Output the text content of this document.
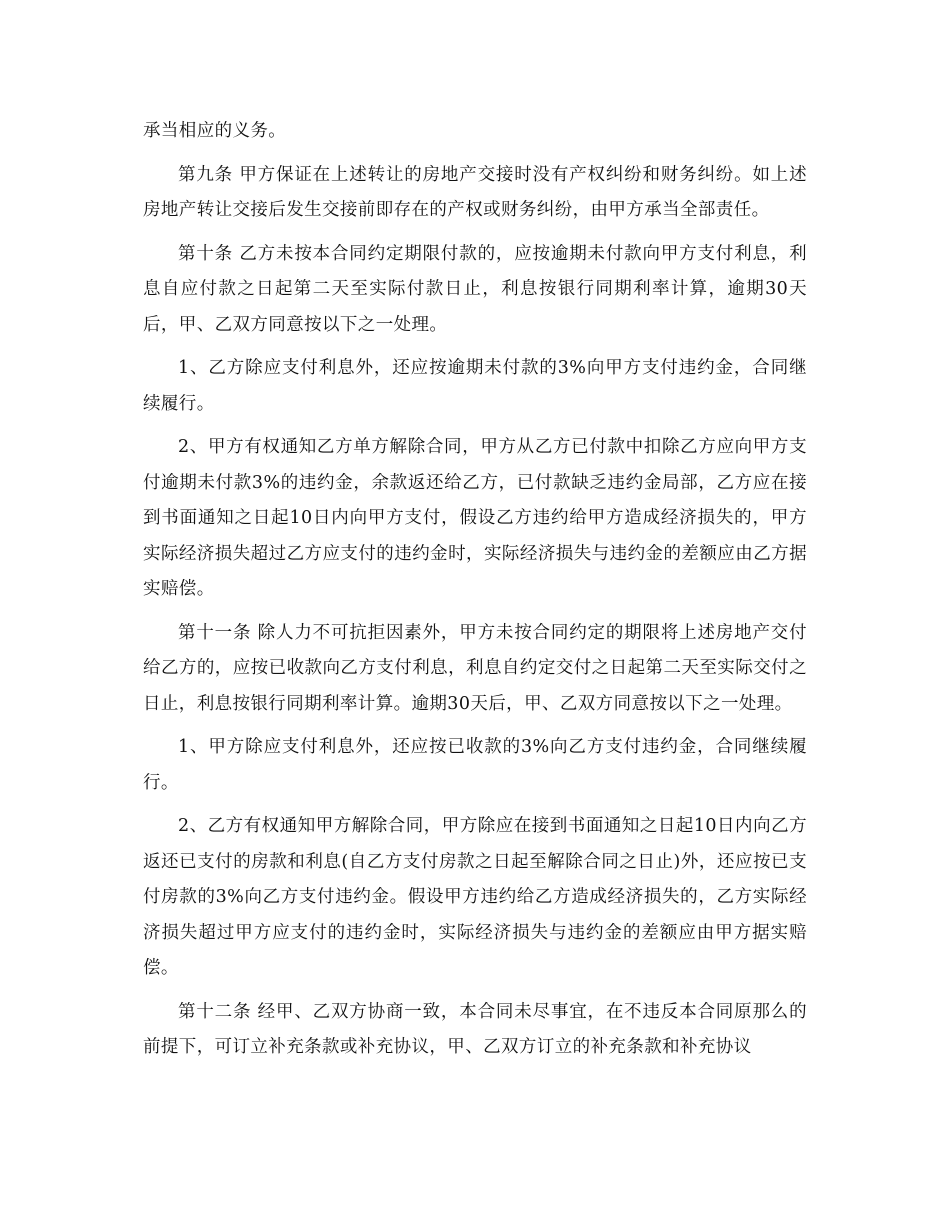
承当相应的义务。

第九条 甲方保证在上述转让的房地产交接时没有产权纠纷和财务纠纷。如上述房地产转让交接后发生交接前即存在的产权或财务纠纷，由甲方承当全部责任。

第十条 乙方未按本合同约定期限付款的，应按逾期未付款向甲方支付利息，利息自应付款之日起第二天至实际付款日止，利息按银行同期利率计算，逾期30天后，甲、乙双方同意按以下之一处理。

1、乙方除应支付利息外，还应按逾期未付款的3%向甲方支付违约金，合同继续履行。

2、甲方有权通知乙方单方解除合同，甲方从乙方已付款中扣除乙方应向甲方支付逾期未付款3%的违约金，余款返还给乙方，已付款缺乏违约金局部，乙方应在接到书面通知之日起10日内向甲方支付，假设乙方违约给甲方造成经济损失的，甲方实际经济损失超过乙方应支付的违约金时，实际经济损失与违约金的差额应由乙方据实赔偿。

第十一条 除人力不可抗拒因素外，甲方未按合同约定的期限将上述房地产交付给乙方的，应按已收款向乙方支付利息，利息自约定交付之日起第二天至实际交付之日止，利息按银行同期利率计算。逾期30天后，甲、乙双方同意按以下之一处理。

1、甲方除应支付利息外，还应按已收款的3%向乙方支付违约金，合同继续履行。

2、乙方有权通知甲方解除合同，甲方除应在接到书面通知之日起10日内向乙方返还已支付的房款和利息(自乙方支付房款之日起至解除合同之日止)外，还应按已支付房款的3%向乙方支付违约金。假设甲方违约给乙方造成经济损失的，乙方实际经济损失超过甲方应支付的违约金时，实际经济损失与违约金的差额应由甲方据实赔偿。

第十二条 经甲、乙双方协商一致，本合同未尽事宜，在不违反本合同原那么的前提下，可订立补充条款或补充协议，甲、乙双方订立的补充条款和补充协议
